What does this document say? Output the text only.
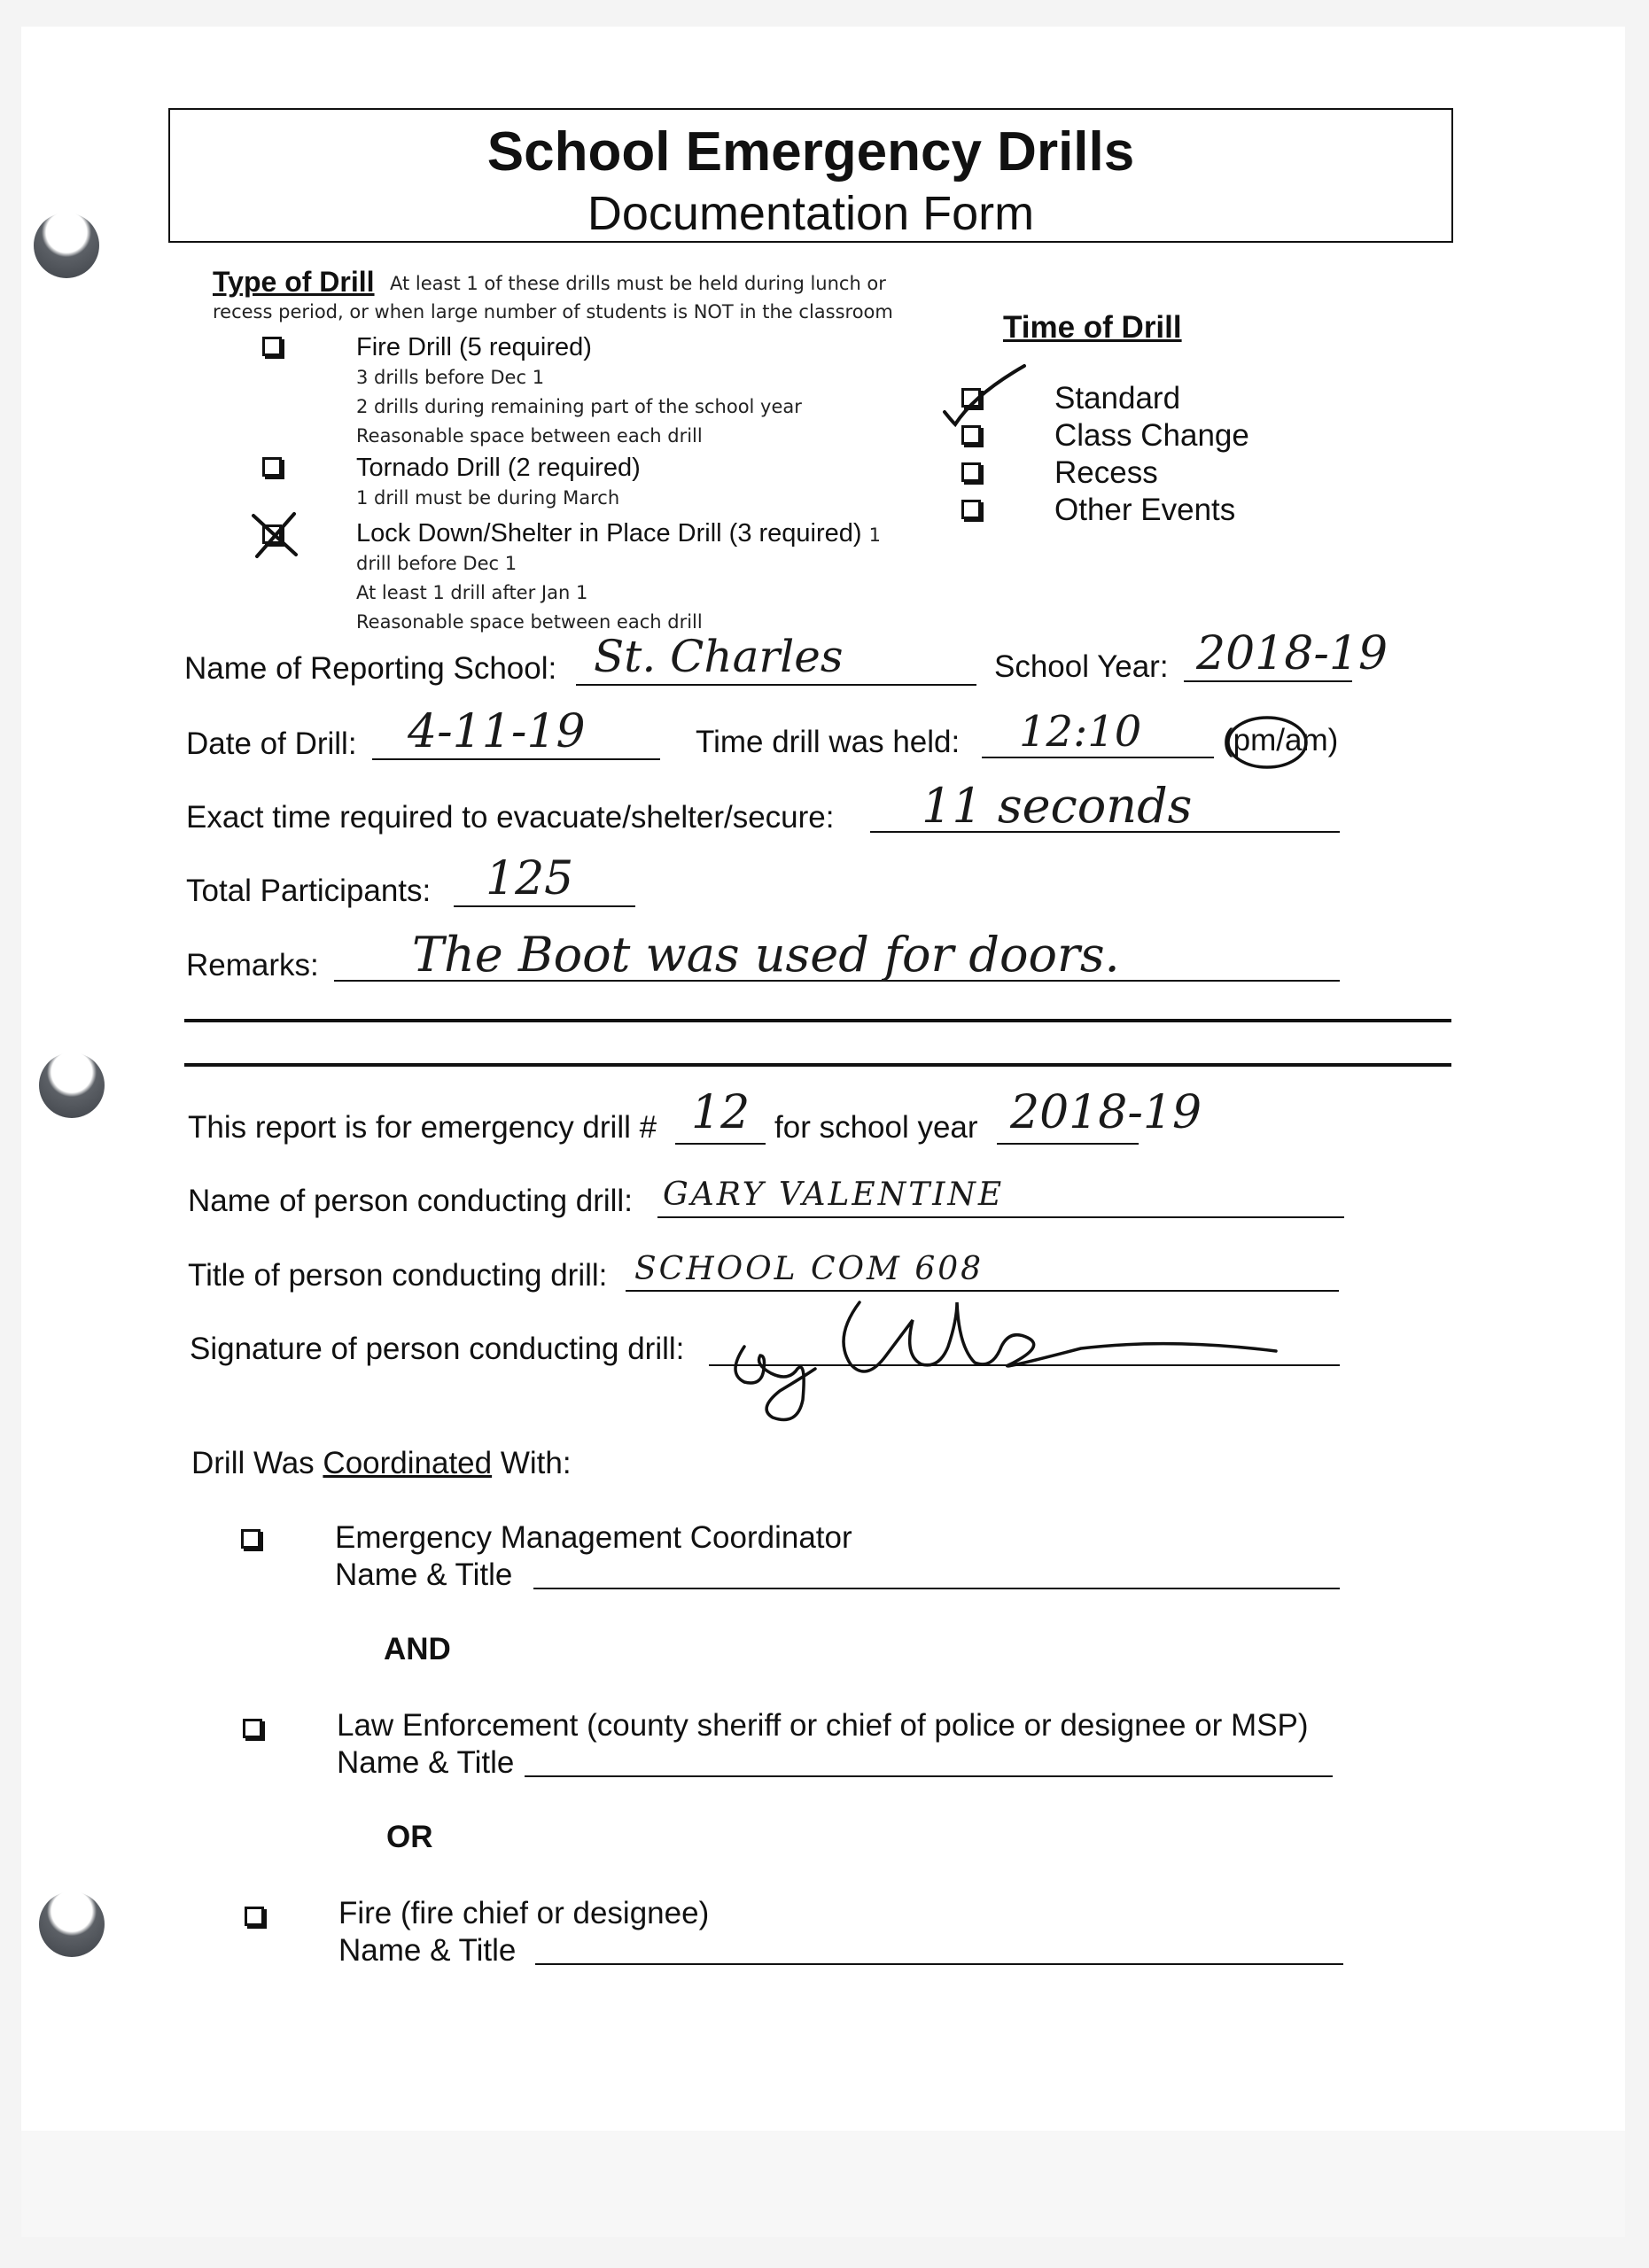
School Emergency Drills
Documentation Form
Type of Drill At least 1 of these drills must be held during lunch or
recess period, or when large number of students is NOT in the classroom
Fire Drill (5 required)
3 drills before Dec 1
2 drills during remaining part of the school year
Reasonable space between each drill
Tornado Drill (2 required)
1 drill must be during March
Lock Down/Shelter in Place Drill (3 required) 1
drill before Dec 1
At least 1 drill after Jan 1
Reasonable space between each drill
Time of Drill
Standard
Class Change
Recess
Other Events
Name of Reporting School: St. Charles	School Year: 2018-19
Date of Drill: 4-11-19	Time drill was held: 12:10	(pm/am)
Exact time required to evacuate/shelter/secure: 11 seconds
Total Participants: 125
Remarks: The Boot was used for doors.
This report is for emergency drill # 12 for school year 2018-19
Name of person conducting drill: GARY VALENTINE
Title of person conducting drill: SCHOOL COM 608
Signature of person conducting drill:
Drill Was Coordinated With:
Emergency Management Coordinator
Name & Title
AND
Law Enforcement (county sheriff or chief of police or designee or MSP)
Name & Title
OR
Fire (fire chief or designee)
Name & Title
